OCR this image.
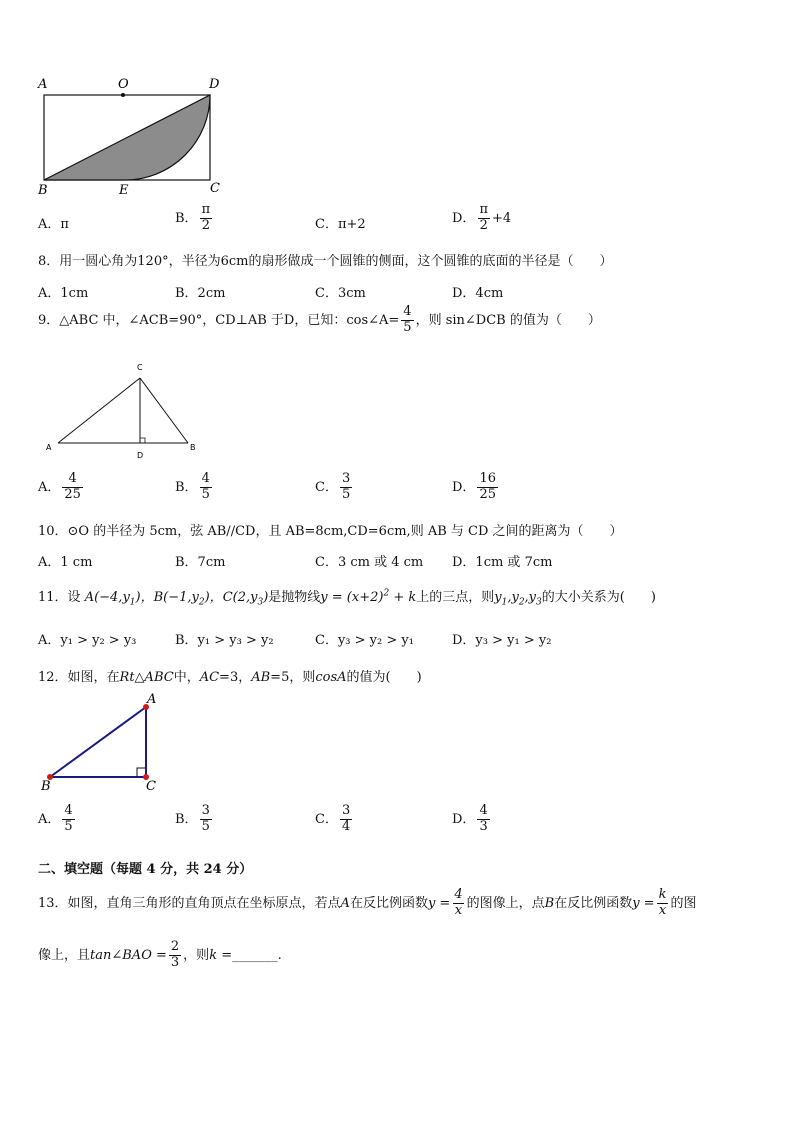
A	O	D
B	E	C
A．π	B． $\frac{\pi}{2}$	C．π+2	D． $\frac{\pi}{2} +4$
8．用一圆心角为120°，半径为6cm的扇形做成一个圆锥的侧面，这个圆锥的底面的半径是（　　）
A．1cm	B．2cm	C．3cm	D．4cm
9．△ABC 中，∠ACB=90°，CD⊥AB 于D，已知：cos∠A= $\frac{4}{5}$ ，则 sin∠DCB 的值为（　　）
C
A
D
B
A． $\frac{4}{25}$	B． $\frac{4}{5}$	C． $\frac{3}{5}$	D． $\frac{16}{25}$
10．⊙O 的半径为 5cm，弦 AB//CD，且 AB=8cm,CD=6cm,则 AB 与 CD 之间的距离为（　　）
A．1 cm	B．7cm	C．3 cm 或 4 cm D．1cm 或 7cm
11．设 $A(-4,y_1)$，$B(-1,y_2)$，$C(2,y_3)$是抛物线$y = (x+2)^2 + k$上的三点，则$y_1,y_2,y_3$的大小关系为(　　)
A．y₁ > y₂ > y₃	B．y₁ > y₃ > y₂	C．y₃ > y₂ > y₁	D．y₃ > y₁ > y₂
12．如图，在Rt△ABC中，AC=3，AB=5，则cosA的值为(　　)
A
B	C
A． $\frac{4}{5}$	B． $\frac{3}{5}$	C． $\frac{3}{4}$	D． $\frac{4}{3}$
二、填空题（每题 4 分，共 24 分）
13．如图，直角三角形的直角顶点在坐标原点，若点A在反比例函数$y = \frac{4}{x}$ 的图像上，点B在反比例函数$y = \frac{k}{x}$ 的图
像上，且tan∠BAO = $\frac{2}{3}$ ，则k =_______.
